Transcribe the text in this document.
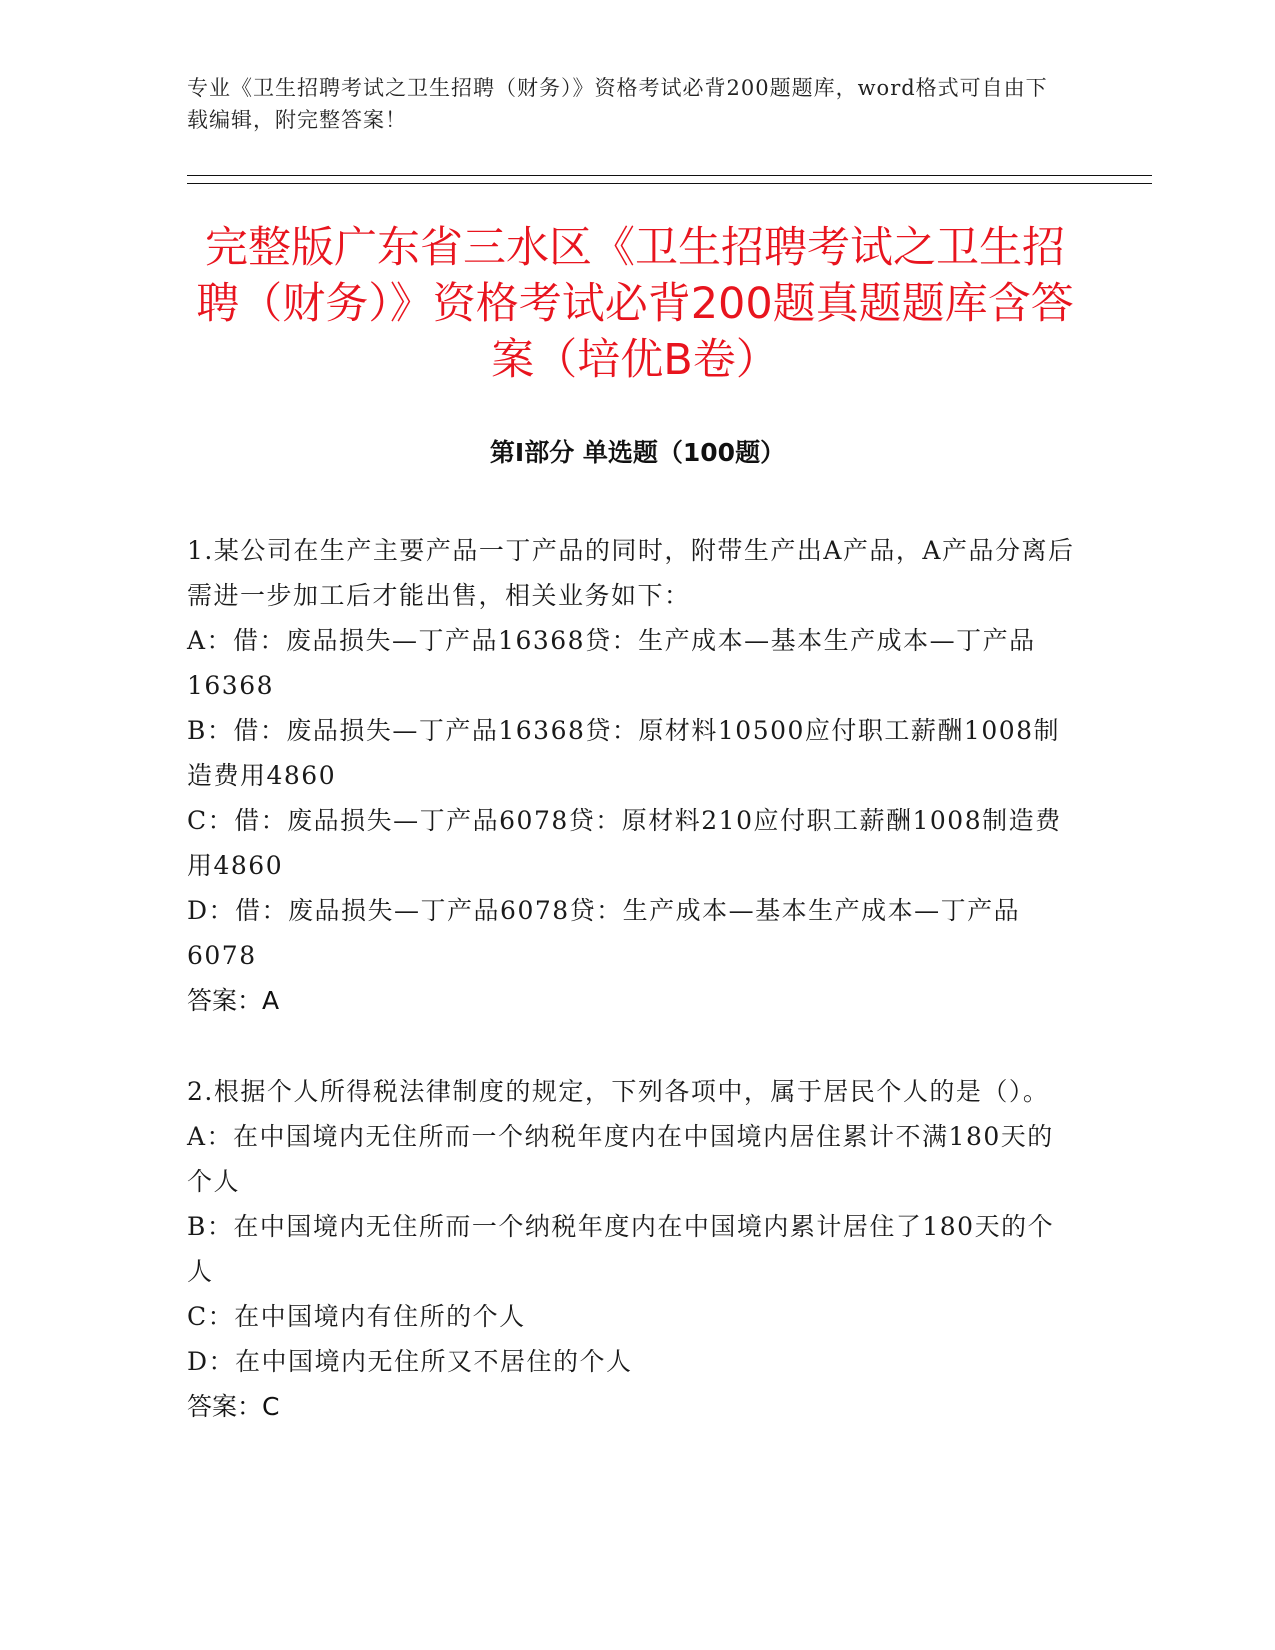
专业《卫生招聘考试之卫生招聘（财务）》资格考试必背200题题库，word格式可自由下载编辑，附完整答案！
完整版广东省三水区《卫生招聘考试之卫生招聘（财务）》资格考试必背200题真题题库含答案（培优B卷）
第Ⅰ部分 单选题（100题）

1.某公司在生产主要产品一丁产品的同时，附带生产出A产品，A产品分离后需进一步加工后才能出售，相关业务如下：

A：借：废品损失—丁产品16368贷：生产成本—基本生产成本—丁产品16368

B：借：废品损失—丁产品16368贷：原材料10500应付职工薪酬1008制造费用4860

C：借：废品损失—丁产品6078贷：原材料210应付职工薪酬1008制造费用4860

D：借：废品损失—丁产品6078贷：生产成本—基本生产成本—丁产品6078

答案：A

2.根据个人所得税法律制度的规定，下列各项中，属于居民个人的是（）。

A：在中国境内无住所而一个纳税年度内在中国境内居住累计不满180天的个人

B：在中国境内无住所而一个纳税年度内在中国境内累计居住了180天的个人

C：在中国境内有住所的个人

D：在中国境内无住所又不居住的个人

答案：C
